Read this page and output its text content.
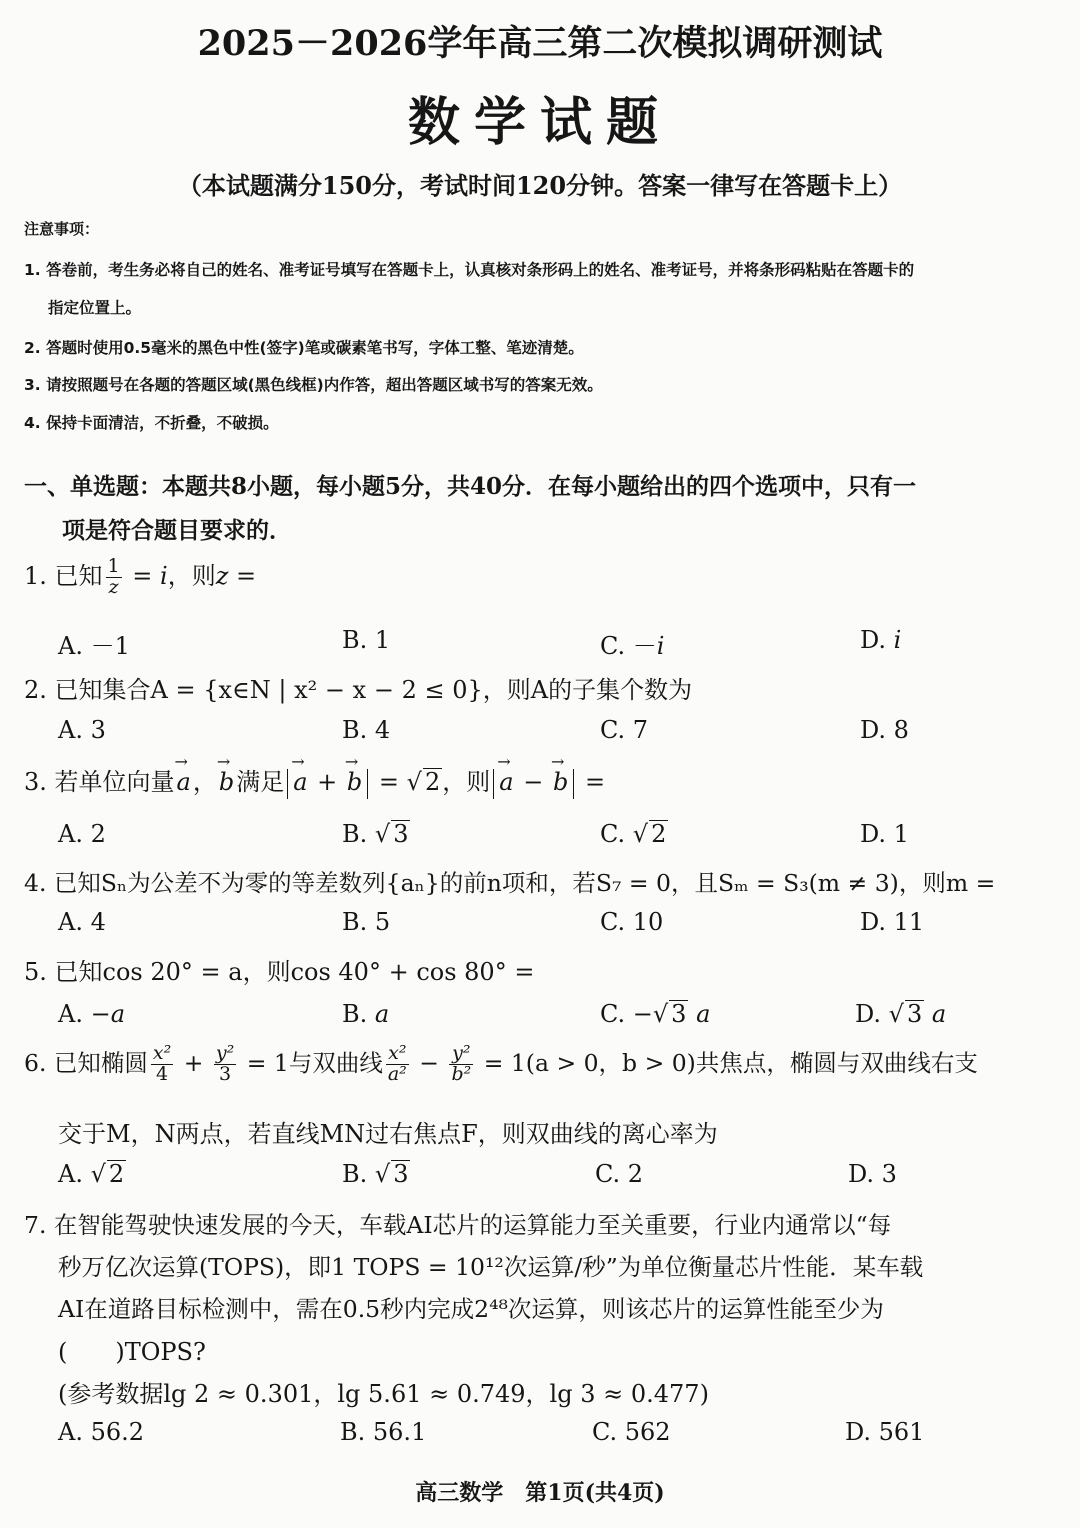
2025－2026学年高三第二次模拟调研测试
数学试题
（本试题满分150分，考试时间120分钟。答案一律写在答题卡上）
注意事项：
1. 答卷前，考生务必将自己的姓名、准考证号填写在答题卡上，认真核对条形码上的姓名、准考证号，并将条形码粘贴在答题卡的
指定位置上。
2. 答题时使用0.5毫米的黑色中性(签字)笔或碳素笔书写，字体工整、笔迹清楚。
3. 请按照题号在各题的答题区域(黑色线框)内作答，超出答题区域书写的答案无效。
4. 保持卡面清洁，不折叠，不破损。
一、单选题：本题共8小题，每小题5分，共40分．在每小题给出的四个选项中，只有一
项是符合题目要求的．
1. 已知 $\frac{1}{z} = i$，则z =
A. －1	B. 1	C. －i	D. i
2. 已知集合A = {x∈N | x² − x − 2 ≤ 0}，则A的子集个数为
A. 3	B. 4	C. 7	D. 8
3. 若单位向量→ a，→ b满足 → a + → b = √ 2，则 → a − → b =
A. 2	B. √ 3	C. √ 2	D. 1
4. 已知Sₙ为公差不为零的等差数列{aₙ}的前n项和，若S₇ = 0，且Sₘ = S₃(m ≠ 3)，则m =
A. 4	B. 5	C. 10	D. 11
5. 已知cos 20° = a，则cos 40° + cos 80° =
A. −a	B. a	C. −√ 3 a	D. √ 3 a
6. 已知椭圆 $\frac{\text{x²}}{4} + \frac{\text{y²}}{3} = 1$与双曲线 $\frac{\text{x²}}{\text{a²}} - \frac{\text{y²}}{\text{b²}} = 1(a > 0$，b > 0)共焦点，椭圆与双曲线右支
交于M，N两点，若直线MN过右焦点F，则双曲线的离心率为
A. √ 2	B. √ 3	C. 2	D. 3
7. 在智能驾驶快速发展的今天，车载AI芯片的运算能力至关重要，行业内通常以“每
秒万亿次运算(TOPS)，即1 TOPS = 10¹²次运算/秒”为单位衡量芯片性能．某车载
AI在道路目标检测中，需在0.5秒内完成2⁴⁸次运算，则该芯片的运算性能至少为
(　　)TOPS?
(参考数据lg 2 ≈ 0.301，lg 5.61 ≈ 0.749，lg 3 ≈ 0.477)
A. 56.2	B. 56.1	C. 562	D. 561
高三数学　第1页(共4页)
